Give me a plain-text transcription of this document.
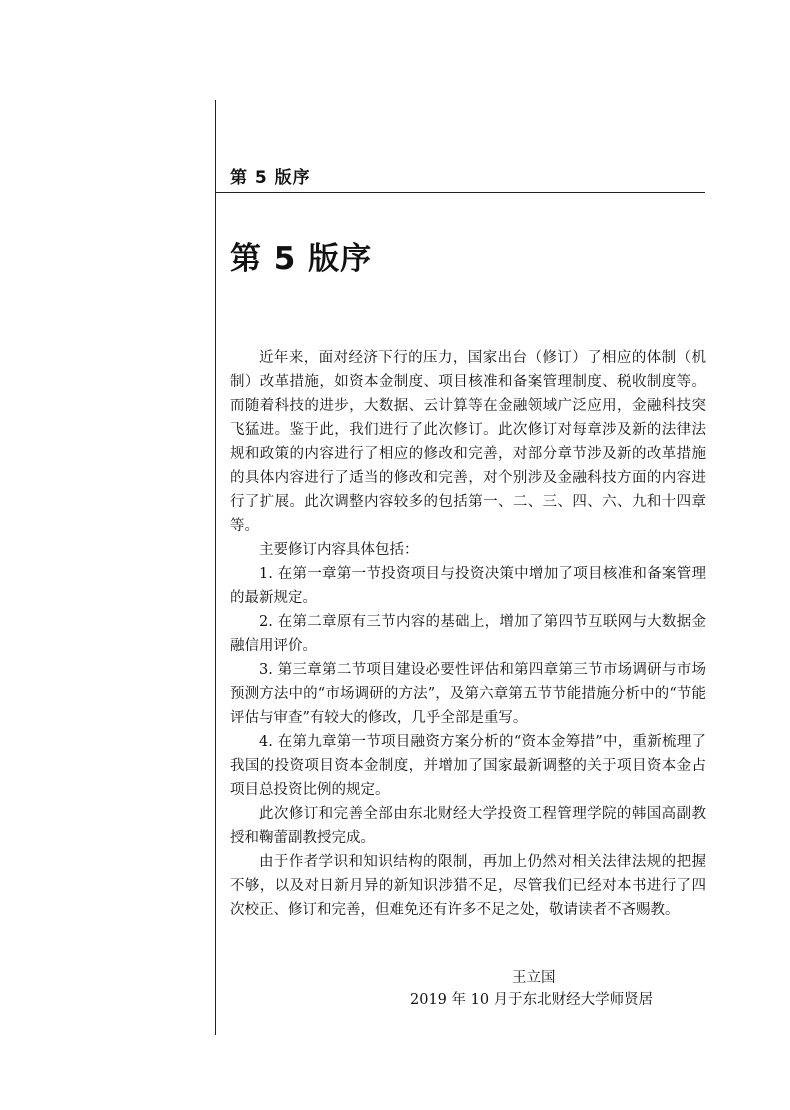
第 5 版序
第 5 版序

近年来，面对经济下行的压力，国家出台（修订）了相应的体制（机制）改革措施，如资本金制度、项目核准和备案管理制度、税收制度等。而随着科技的进步，大数据、云计算等在金融领域广泛应用，金融科技突飞猛进。鉴于此，我们进行了此次修订。此次修订对每章涉及新的法律法规和政策的内容进行了相应的修改和完善，对部分章节涉及新的改革措施的具体内容进行了适当的修改和完善，对个别涉及金融科技方面的内容进行了扩展。此次调整内容较多的包括第一、二、三、四、六、九和十四章等。

主要修订内容具体包括：

1. 在第一章第一节投资项目与投资决策中增加了项目核准和备案管理的最新规定。

2. 在第二章原有三节内容的基础上，增加了第四节互联网与大数据金融信用评价。

3. 第三章第二节项目建设必要性评估和第四章第三节市场调研与市场预测方法中的“市场调研的方法”，及第六章第五节节能措施分析中的“节能评估与审查”有较大的修改，几乎全部是重写。

4. 在第九章第一节项目融资方案分析的“资本金筹措”中，重新梳理了我国的投资项目资本金制度，并增加了国家最新调整的关于项目资本金占项目总投资比例的规定。

此次修订和完善全部由东北财经大学投资工程管理学院的韩国高副教授和鞠蕾副教授完成。

由于作者学识和知识结构的限制，再加上仍然对相关法律法规的把握不够，以及对日新月异的新知识涉猎不足，尽管我们已经对本书进行了四次校正、修订和完善，但难免还有许多不足之处，敬请读者不吝赐教。

王立国
2019 年 10 月于东北财经大学师贤居
